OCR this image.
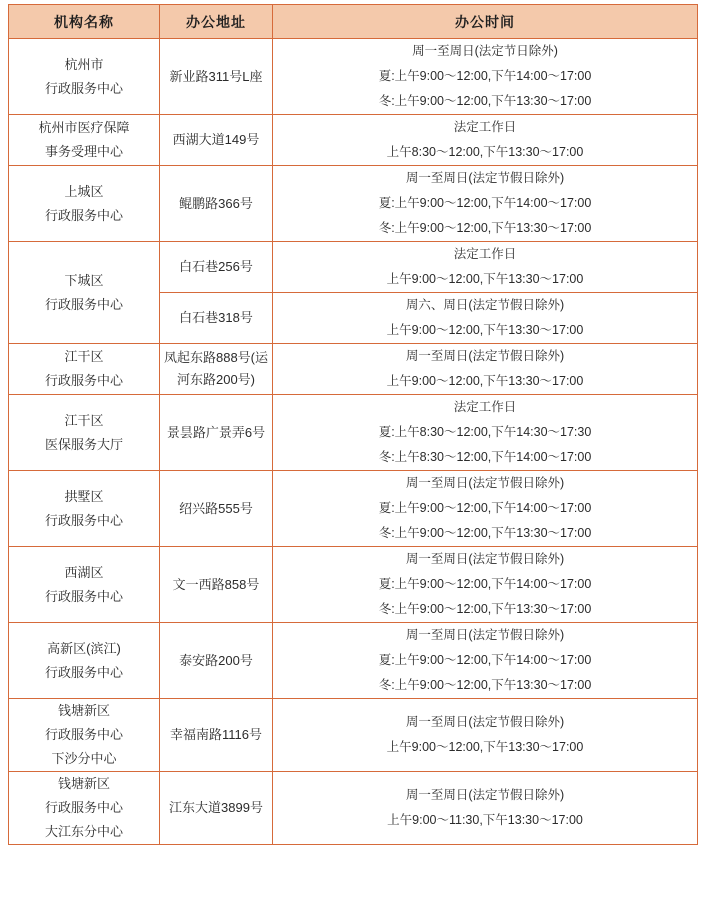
机构名称	办公地址	办公时间

杭州市
行政服务中心	新业路311号L座	周一至周日(法定节日除外)
夏:上午9:00～12:00,下午14:00～17:00
冬:上午9:00～12:00,下午13:30～17:00

杭州市医疗保障
事务受理中心	西湖大道149号	法定工作日
上午8:30～12:00,下午13:30～17:00

上城区
行政服务中心	鲲鹏路366号	周一至周日(法定节假日除外)
夏:上午9:00～12:00,下午14:00～17:00
冬:上午9:00～12:00,下午13:30～17:00

下城区
行政服务中心	白石巷256号	法定工作日
上午9:00～12:00,下午13:30～17:00

	白石巷318号	周六、周日(法定节假日除外)
上午9:00～12:00,下午13:30～17:00

江干区
行政服务中心	凤起东路888号(运
河东路200号)	周一至周日(法定节假日除外)
上午9:00～12:00,下午13:30～17:00

江干区
医保服务大厅	景昙路广景弄6号	法定工作日
夏:上午8:30～12:00,下午14:30～17:30
冬:上午8:30～12:00,下午14:00～17:00

拱墅区
行政服务中心	绍兴路555号	周一至周日(法定节假日除外)
夏:上午9:00～12:00,下午14:00～17:00
冬:上午9:00～12:00,下午13:30～17:00

西湖区
行政服务中心	文一西路858号	周一至周日(法定节假日除外)
夏:上午9:00～12:00,下午14:00～17:00
冬:上午9:00～12:00,下午13:30～17:00

高新区(滨江)
行政服务中心	泰安路200号	周一至周日(法定节假日除外)
夏:上午9:00～12:00,下午14:00～17:00
冬:上午9:00～12:00,下午13:30～17:00

钱塘新区
行政服务中心
下沙分中心	幸福南路1116号	周一至周日(法定节假日除外)
上午9:00～12:00,下午13:30～17:00

钱塘新区
行政服务中心
大江东分中心	江东大道3899号	周一至周日(法定节假日除外)
上午9:00～11:30,下午13:30～17:00
